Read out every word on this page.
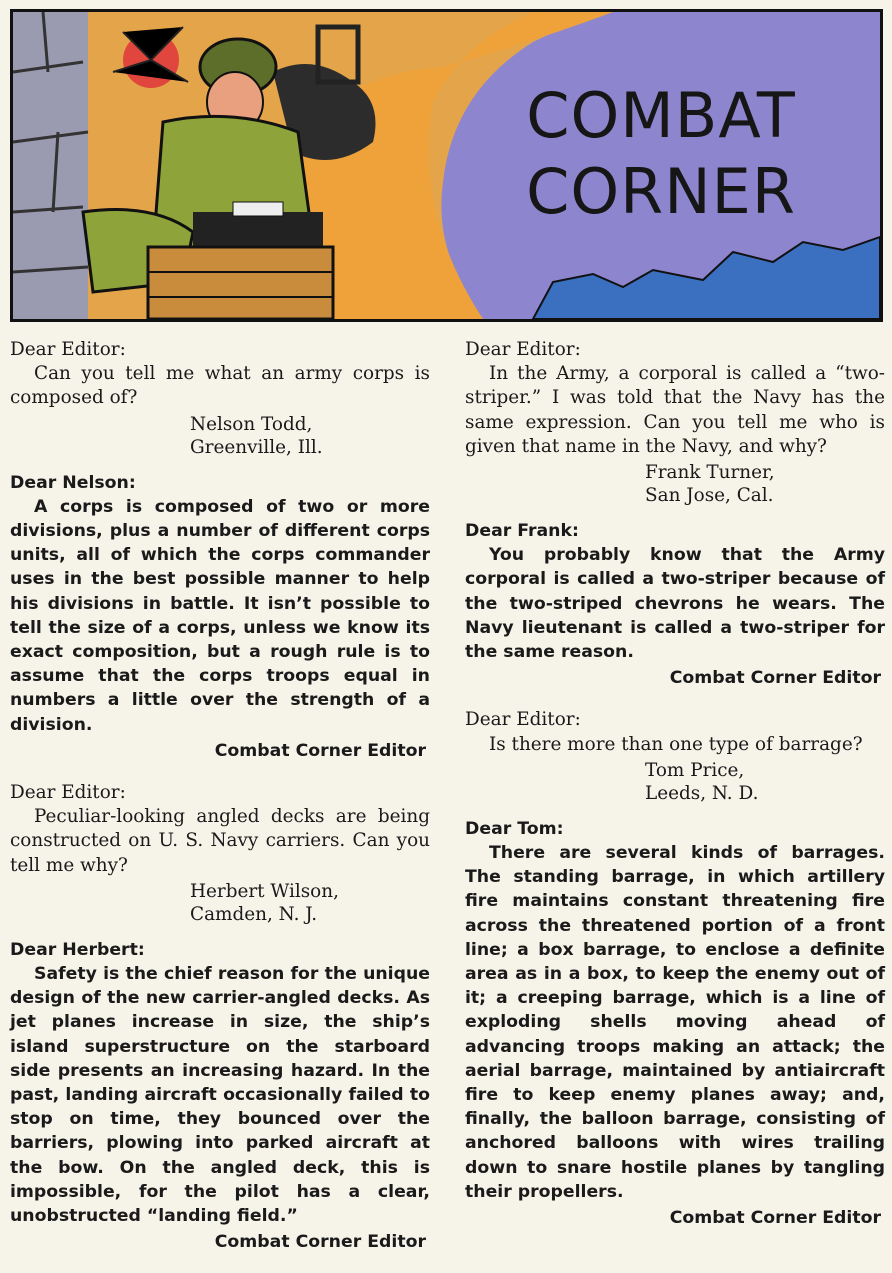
COMBAT
CORNER
Dear Editor:
Can you tell me what an army corps is composed of?
Nelson Todd,
Greenville, Ill.
Dear Nelson:
A corps is composed of two or more divisions, plus a number of different corps units, all of which the corps commander uses in the best possible manner to help his divisions in battle. It isn’t possible to tell the size of a corps, unless we know its exact composition, but a rough rule is to assume that the corps troops equal in numbers a little over the strength of a division.
Combat Corner Editor
Dear Editor:
Peculiar-looking angled decks are being constructed on U. S. Navy carriers. Can you tell me why?
Herbert Wilson,
Camden, N. J.
Dear Herbert:
Safety is the chief reason for the unique design of the new carrier-angled decks. As jet planes increase in size, the ship’s island superstructure on the starboard side presents an increasing hazard. In the past, landing aircraft occasionally failed to stop on time, they bounced over the barriers, plowing into parked aircraft at the bow. On the angled deck, this is impossible, for the pilot has a clear, unobstructed “landing field.”
Combat Corner Editor
Dear Editor:
In the Army, a corporal is called a “two-striper.” I was told that the Navy has the same expression. Can you tell me who is given that name in the Navy, and why?
Frank Turner,
San Jose, Cal.
Dear Frank:
You probably know that the Army corporal is called a two-striper because of the two-striped chevrons he wears. The Navy lieutenant is called a two-striper for the same reason.
Combat Corner Editor
Dear Editor:
Is there more than one type of barrage?
Tom Price,
Leeds, N. D.
Dear Tom:
There are several kinds of barrages. The standing barrage, in which artillery fire maintains constant threatening fire across the threatened portion of a front line; a box barrage, to enclose a definite area as in a box, to keep the enemy out of it; a creeping barrage, which is a line of exploding shells moving ahead of advancing troops making an attack; the aerial barrage, maintained by antiaircraft fire to keep enemy planes away; and, finally, the balloon barrage, consisting of anchored balloons with wires trailing down to snare hostile planes by tangling their propellers.
Combat Corner Editor
